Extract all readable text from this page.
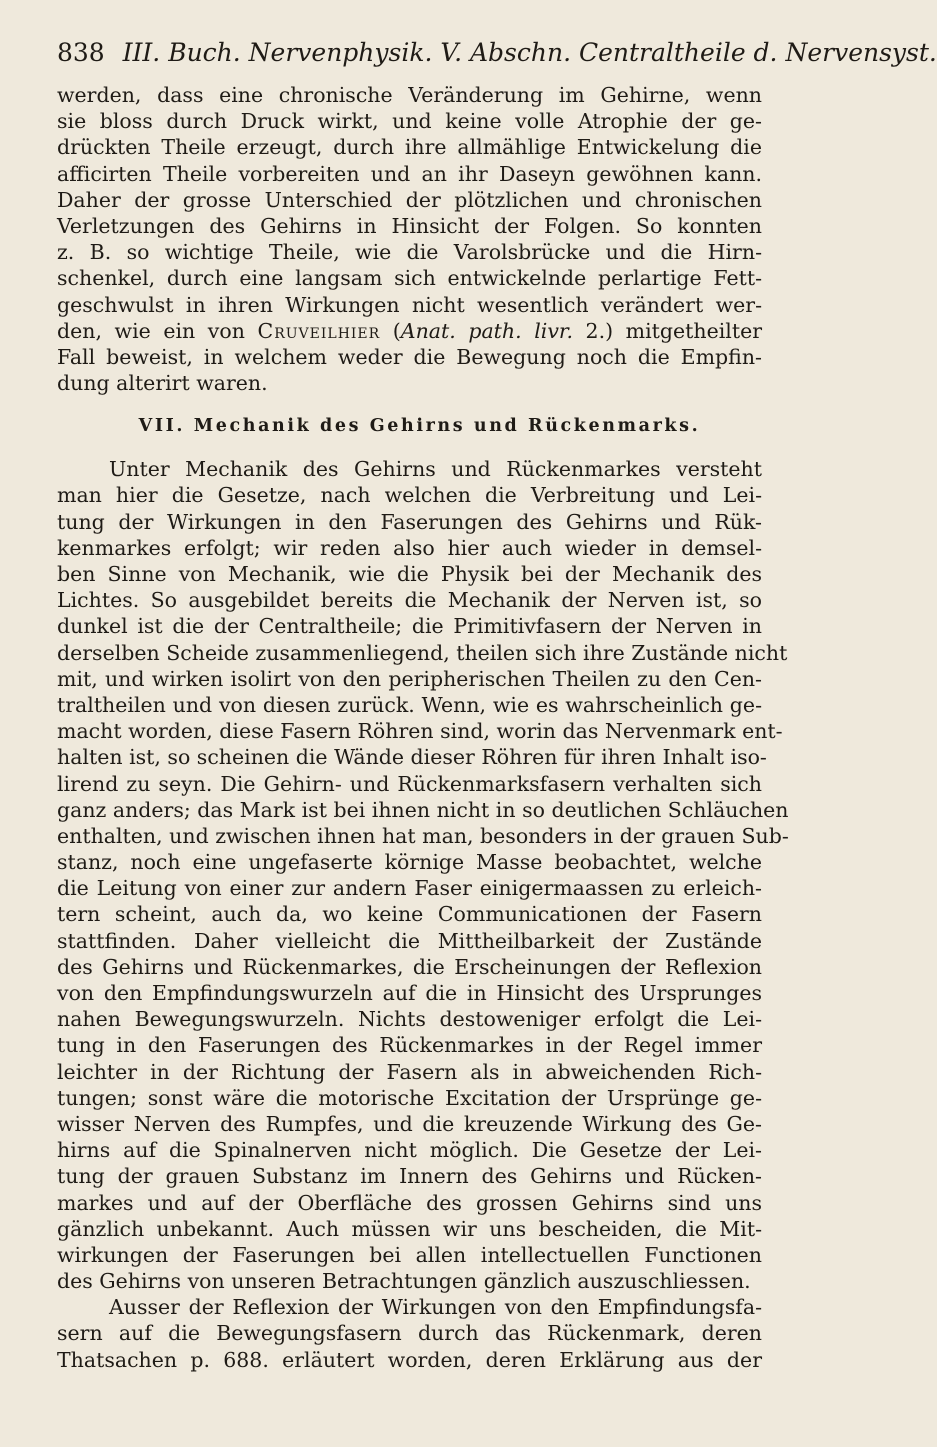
838 III. Buch. Nervenphysik. V. Abschn. Centraltheile d. Nervensyst.
werden, dass eine chronische Veränderung im Gehirne, wenn
sie bloss durch Druck wirkt, und keine volle Atrophie der ge-
drückten Theile erzeugt, durch ihre allmählige Entwickelung die
afficirten Theile vorbereiten und an ihr Daseyn gewöhnen kann.
Daher der grosse Unterschied der plötzlichen und chronischen
Verletzungen des Gehirns in Hinsicht der Folgen. So konnten
z. B. so wichtige Theile, wie die Varolsbrücke und die Hirn-
schenkel, durch eine langsam sich entwickelnde perlartige Fett-
geschwulst in ihren Wirkungen nicht wesentlich verändert wer-
den, wie ein von Cruveilhier (Anat. path. livr. 2.) mitgetheilter
Fall beweist, in welchem weder die Bewegung noch die Empfin-
dung alterirt waren.
VII. Mechanik des Gehirns und Rückenmarks.
Unter Mechanik des Gehirns und Rückenmarkes versteht
man hier die Gesetze, nach welchen die Verbreitung und Lei-
tung der Wirkungen in den Faserungen des Gehirns und Rük-
kenmarkes erfolgt; wir reden also hier auch wieder in demsel-
ben Sinne von Mechanik, wie die Physik bei der Mechanik des
Lichtes. So ausgebildet bereits die Mechanik der Nerven ist, so
dunkel ist die der Centraltheile; die Primitivfasern der Nerven in
derselben Scheide zusammenliegend, theilen sich ihre Zustände nicht
mit, und wirken isolirt von den peripherischen Theilen zu den Cen-
traltheilen und von diesen zurück. Wenn, wie es wahrscheinlich ge-
macht worden, diese Fasern Röhren sind, worin das Nervenmark ent-
halten ist, so scheinen die Wände dieser Röhren für ihren Inhalt iso-
lirend zu seyn. Die Gehirn- und Rückenmarksfasern verhalten sich
ganz anders; das Mark ist bei ihnen nicht in so deutlichen Schläuchen
enthalten, und zwischen ihnen hat man, besonders in der grauen Sub-
stanz, noch eine ungefaserte körnige Masse beobachtet, welche
die Leitung von einer zur andern Faser einigermaassen zu erleich-
tern scheint, auch da, wo keine Communicationen der Fasern
stattfinden. Daher vielleicht die Mittheilbarkeit der Zustände
des Gehirns und Rückenmarkes, die Erscheinungen der Reflexion
von den Empfindungswurzeln auf die in Hinsicht des Ursprunges
nahen Bewegungswurzeln. Nichts destoweniger erfolgt die Lei-
tung in den Faserungen des Rückenmarkes in der Regel immer
leichter in der Richtung der Fasern als in abweichenden Rich-
tungen; sonst wäre die motorische Excitation der Ursprünge ge-
wisser Nerven des Rumpfes, und die kreuzende Wirkung des Ge-
hirns auf die Spinalnerven nicht möglich. Die Gesetze der Lei-
tung der grauen Substanz im Innern des Gehirns und Rücken-
markes und auf der Oberfläche des grossen Gehirns sind uns
gänzlich unbekannt. Auch müssen wir uns bescheiden, die Mit-
wirkungen der Faserungen bei allen intellectuellen Functionen
des Gehirns von unseren Betrachtungen gänzlich auszuschliessen.
Ausser der Reflexion der Wirkungen von den Empfindungsfa-
sern auf die Bewegungsfasern durch das Rückenmark, deren
Thatsachen p. 688. erläutert worden, deren Erklärung aus der
